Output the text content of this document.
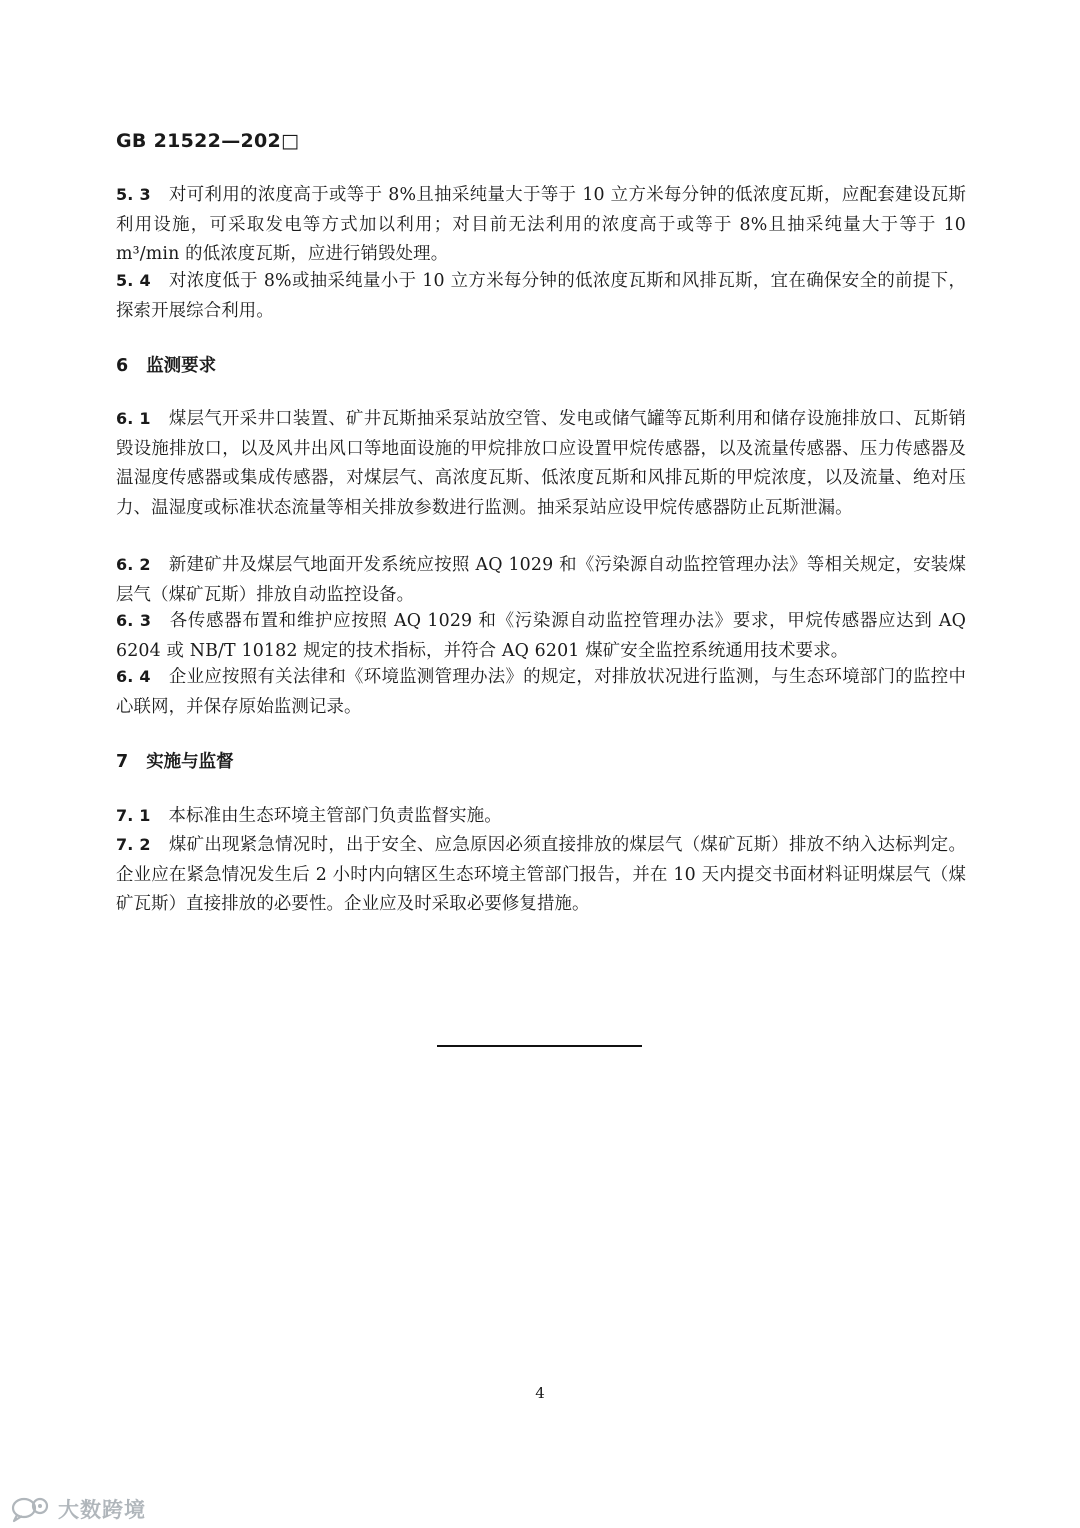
GB 21522—202□
5. 3 对可利用的浓度高于或等于 8%且抽采纯量大于等于 10 立方米每分钟的低浓度瓦斯，应配套建设瓦斯利用设施，可采取发电等方式加以利用；对目前无法利用的浓度高于或等于 8%且抽采纯量大于等于 10 m³/min 的低浓度瓦斯，应进行销毁处理。
5. 4 对浓度低于 8%或抽采纯量小于 10 立方米每分钟的低浓度瓦斯和风排瓦斯，宜在确保安全的前提下，探索开展综合利用。
6 监测要求
6. 1 煤层气开采井口装置、矿井瓦斯抽采泵站放空管、发电或储气罐等瓦斯利用和储存设施排放口、瓦斯销毁设施排放口，以及风井出风口等地面设施的甲烷排放口应设置甲烷传感器，以及流量传感器、压力传感器及温湿度传感器或集成传感器，对煤层气、高浓度瓦斯、低浓度瓦斯和风排瓦斯的甲烷浓度，以及流量、绝对压力、温湿度或标准状态流量等相关排放参数进行监测。抽采泵站应设甲烷传感器防止瓦斯泄漏。
6. 2 新建矿井及煤层气地面开发系统应按照 AQ 1029 和《污染源自动监控管理办法》等相关规定，安装煤层气（煤矿瓦斯）排放自动监控设备。
6. 3 各传感器布置和维护应按照 AQ 1029 和《污染源自动监控管理办法》要求，甲烷传感器应达到 AQ 6204 或 NB/T 10182 规定的技术指标，并符合 AQ 6201 煤矿安全监控系统通用技术要求。
6. 4 企业应按照有关法律和《环境监测管理办法》的规定，对排放状况进行监测，与生态环境部门的监控中心联网，并保存原始监测记录。
7 实施与监督
7. 1 本标准由生态环境主管部门负责监督实施。
7. 2 煤矿出现紧急情况时，出于安全、应急原因必须直接排放的煤层气（煤矿瓦斯）排放不纳入达标判定。企业应在紧急情况发生后 2 小时内向辖区生态环境主管部门报告，并在 10 天内提交书面材料证明煤层气（煤矿瓦斯）直接排放的必要性。企业应及时采取必要修复措施。
4
大数跨境
